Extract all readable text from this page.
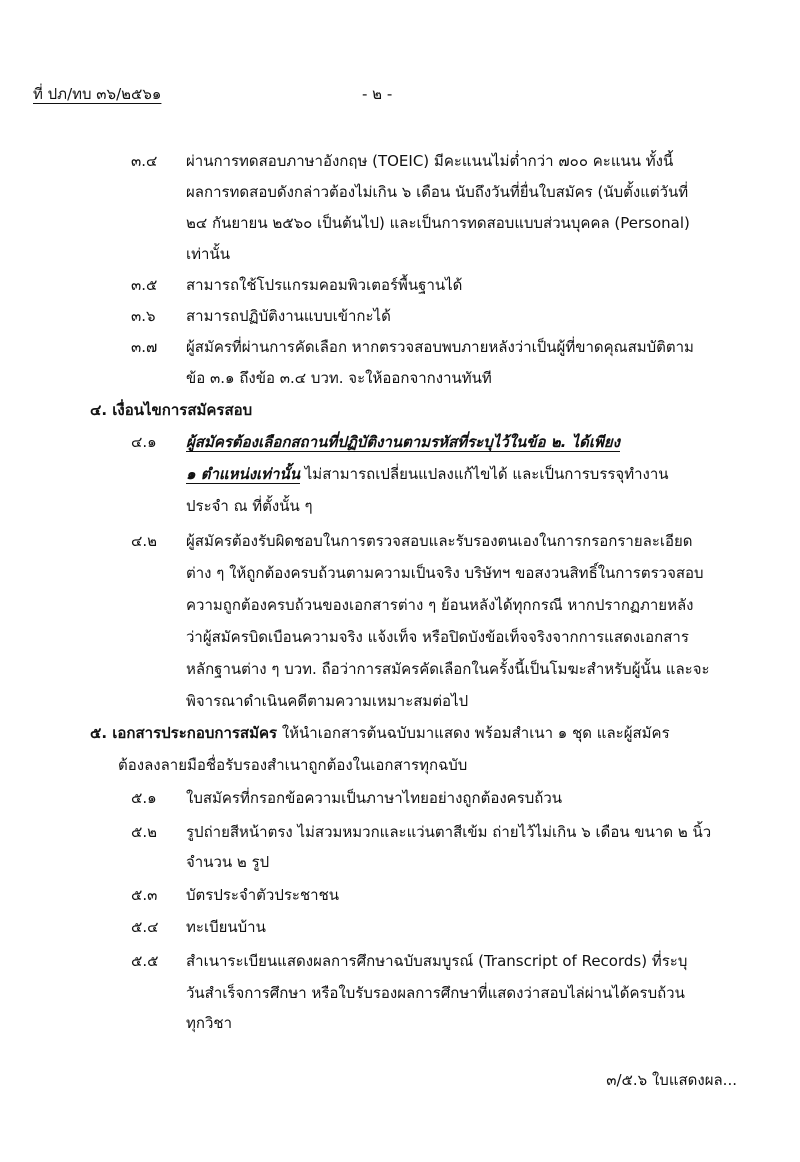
ที่ ปภ/ทบ ๓๖/๒๕๖๑	- ๒ -
๓.๔ ผ่านการทดสอบภาษาอังกฤษ (TOEIC) มีคะแนนไม่ต่ำกว่า ๗๐๐ คะแนน ทั้งนี้
ผลการทดสอบดังกล่าวต้องไม่เกิน ๖ เดือน นับถึงวันที่ยื่นใบสมัคร (นับตั้งแต่วันที่
๒๔ กันยายน ๒๕๖๐ เป็นต้นไป) และเป็นการทดสอบแบบส่วนบุคคล (Personal)
เท่านั้น
๓.๕ สามารถใช้โปรแกรมคอมพิวเตอร์พื้นฐานได้
๓.๖ สามารถปฏิบัติงานแบบเข้ากะได้
๓.๗ ผู้สมัครที่ผ่านการคัดเลือก หากตรวจสอบพบภายหลังว่าเป็นผู้ที่ขาดคุณสมบัติตาม
ข้อ ๓.๑ ถึงข้อ ๓.๔ บวท. จะให้ออกจากงานทันที
๔. เงื่อนไขการสมัครสอบ
๔.๑ ผู้สมัครต้องเลือกสถานที่ปฏิบัติงานตามรหัสที่ระบุไว้ในข้อ ๒. ได้เพียง
๑ ตำแหน่งเท่านั้น ไม่สามารถเปลี่ยนแปลงแก้ไขได้ และเป็นการบรรจุทำงาน
ประจำ ณ ที่ตั้งนั้น ๆ
๔.๒ ผู้สมัครต้องรับผิดชอบในการตรวจสอบและรับรองตนเองในการกรอกรายละเอียด
ต่าง ๆ ให้ถูกต้องครบถ้วนตามความเป็นจริง บริษัทฯ ขอสงวนสิทธิ์ในการตรวจสอบ
ความถูกต้องครบถ้วนของเอกสารต่าง ๆ ย้อนหลังได้ทุกกรณี หากปรากฏภายหลัง
ว่าผู้สมัครบิดเบือนความจริง แจ้งเท็จ หรือปิดบังข้อเท็จจริงจากการแสดงเอกสาร
หลักฐานต่าง ๆ บวท. ถือว่าการสมัครคัดเลือกในครั้งนี้เป็นโมฆะสำหรับผู้นั้น และจะ
พิจารณาดำเนินคดีตามความเหมาะสมต่อไป
๕. เอกสารประกอบการสมัคร ให้นำเอกสารต้นฉบับมาแสดง พร้อมสำเนา ๑ ชุด และผู้สมัคร
ต้องลงลายมือชื่อรับรองสำเนาถูกต้องในเอกสารทุกฉบับ
๕.๑ ใบสมัครที่กรอกข้อความเป็นภาษาไทยอย่างถูกต้องครบถ้วน
๕.๒ รูปถ่ายสีหน้าตรง ไม่สวมหมวกและแว่นตาสีเข้ม ถ่ายไว้ไม่เกิน ๖ เดือน ขนาด ๒ นิ้ว
จำนวน ๒ รูป
๕.๓ บัตรประจำตัวประชาชน
๕.๔ ทะเบียนบ้าน
๕.๕ สำเนาระเบียนแสดงผลการศึกษาฉบับสมบูรณ์ (Transcript of Records) ที่ระบุ
วันสำเร็จการศึกษา หรือใบรับรองผลการศึกษาที่แสดงว่าสอบไล่ผ่านได้ครบถ้วน
ทุกวิชา
๓/๕.๖ ใบแสดงผล...
